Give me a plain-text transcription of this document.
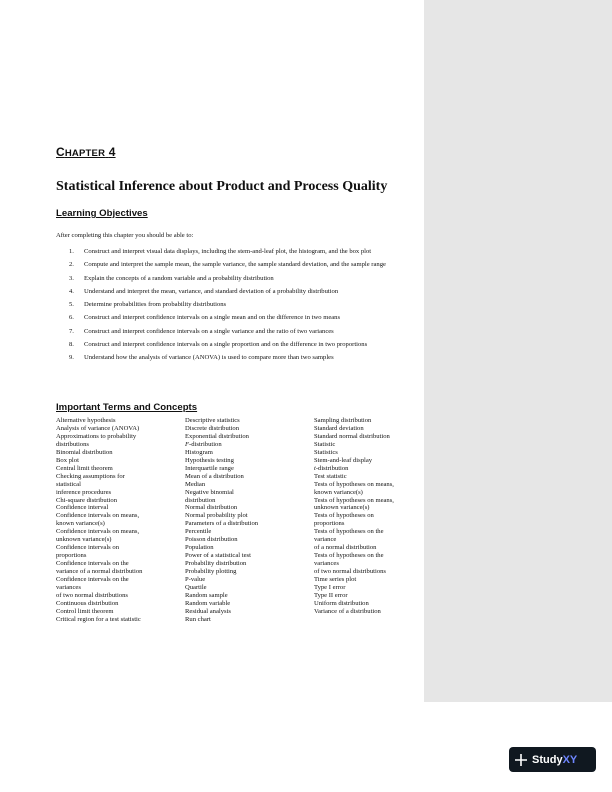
CHAPTER 4
Statistical Inference about Product and Process Quality
Learning Objectives
After completing this chapter you should be able to:
1. Construct and interpret visual data displays, including the stem-and-leaf plot, the histogram, and the box plot
2. Compute and interpret the sample mean, the sample variance, the sample standard deviation, and the sample range
3. Explain the concepts of a random variable and a probability distribution
4. Understand and interpret the mean, variance, and standard deviation of a probability distribution
5. Determine probabilities from probability distributions
6. Construct and interpret confidence intervals on a single mean and on the difference in two means
7. Construct and interpret confidence intervals on a single variance and the ratio of two variances
8. Construct and interpret confidence intervals on a single proportion and on the difference in two proportions
9. Understand how the analysis of variance (ANOVA) is used to compare more than two samples
Important Terms and Concepts
Alternative hypothesis
Analysis of variance (ANOVA)
Approximations to probability
distributions
Binomial distribution
Box plot
Central limit theorem
Checking assumptions for
statistical
inference procedures
Chi-square distribution
Confidence interval
Confidence intervals on means,
known variance(s)
Confidence intervals on means,
unknown variance(s)
Confidence intervals on
proportions
Confidence intervals on the
variance of a normal distribution
Confidence intervals on the
variances
of two normal distributions
Continuous distribution
Control limit theorem
Critical region for a test statistic
Descriptive statistics
Discrete distribution
Exponential distribution
F-distribution
Histogram
Hypothesis testing
Interquartile range
Mean of a distribution
Median
Negative binomial
distribution
Normal distribution
Normal probability plot
Parameters of a distribution
Percentile
Poisson distribution
Population
Power of a statistical test
Probability distribution
Probability plotting
P-value
Quartile
Random sample
Random variable
Residual analysis
Run chart
Sampling distribution
Standard deviation
Standard normal distribution
Statistic
Statistics
Stem-and-leaf display
t-distribution
Test statistic
Tests of hypotheses on means,
known variance(s)
Tests of hypotheses on means,
unknown variance(s)
Tests of hypotheses on
proportions
Tests of hypotheses on the
variance
of a normal distribution
Tests of hypotheses on the
variances
of two normal distributions
Time series plot
Type I error
Type II error
Uniform distribution
Variance of a distribution
StudyXY
